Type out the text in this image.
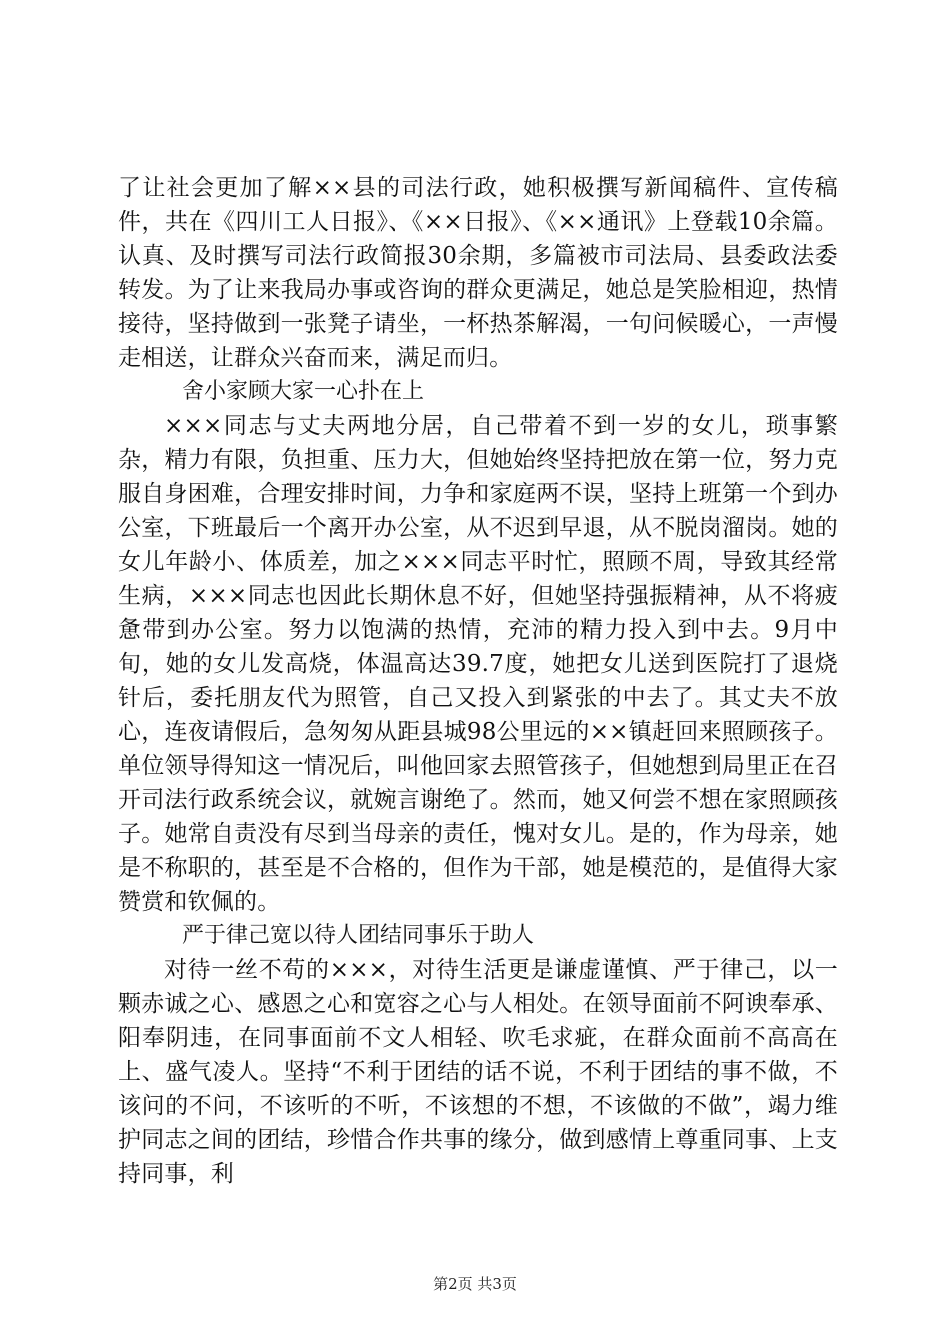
了让社会更加了解××县的司法行政，她积极撰写新闻稿件、宣传稿件，共在《四川工人日报》、《××日报》、《××通讯》上登载10余篇。认真、及时撰写司法行政简报30余期，多篇被市司法局、县委政法委转发。为了让来我局办事或咨询的群众更满足，她总是笑脸相迎，热情接待，坚持做到一张凳子请坐，一杯热茶解渴，一句问候暖心，一声慢走相送，让群众兴奋而来，满足而归。

舍小家顾大家一心扑在上

×××同志与丈夫两地分居，自己带着不到一岁的女儿，琐事繁杂，精力有限，负担重、压力大，但她始终坚持把放在第一位，努力克服自身困难，合理安排时间，力争和家庭两不误，坚持上班第一个到办公室，下班最后一个离开办公室，从不迟到早退，从不脱岗溜岗。她的女儿年龄小、体质差，加之×××同志平时忙，照顾不周，导致其经常生病，×××同志也因此长期休息不好，但她坚持强振精神，从不将疲惫带到办公室。努力以饱满的热情，充沛的精力投入到中去。9月中旬，她的女儿发高烧，体温高达39.7度，她把女儿送到医院打了退烧针后，委托朋友代为照管，自己又投入到紧张的中去了。其丈夫不放心，连夜请假后，急匆匆从距县城98公里远的××镇赶回来照顾孩子。单位领导得知这一情况后，叫他回家去照管孩子，但她想到局里正在召开司法行政系统会议，就婉言谢绝了。然而，她又何尝不想在家照顾孩子。她常自责没有尽到当母亲的责任，愧对女儿。是的，作为母亲，她是不称职的，甚至是不合格的，但作为干部，她是模范的，是值得大家赞赏和钦佩的。

严于律己宽以待人团结同事乐于助人

对待一丝不苟的×××，对待生活更是谦虚谨慎、严于律己，以一颗赤诚之心、感恩之心和宽容之心与人相处。在领导面前不阿谀奉承、阳奉阴违，在同事面前不文人相轻、吹毛求疵，在群众面前不高高在上、盛气凌人。坚持“不利于团结的话不说，不利于团结的事不做，不该问的不问，不该听的不听，不该想的不想，不该做的不做”，竭力维护同志之间的团结，珍惜合作共事的缘分，做到感情上尊重同事、上支持同事，利

第2页 共3页
